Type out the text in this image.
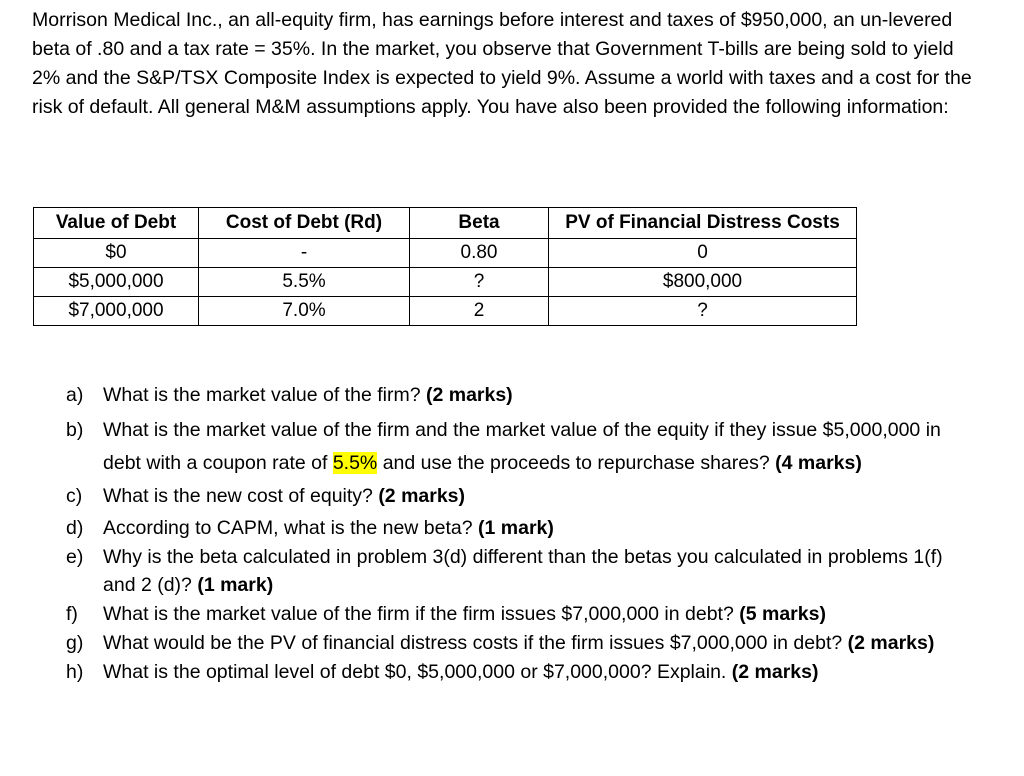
Morrison Medical Inc., an all-equity firm, has earnings before interest and taxes of $950,000, an un-levered beta of .80 and a tax rate = 35%. In the market, you observe that Government T-bills are being sold to yield 2% and the S&P/TSX Composite Index is expected to yield 9%. Assume a world with taxes and a cost for the risk of default. All general M&M assumptions apply. You have also been provided the following information:

Value of Debt	Cost of Debt (Rd)	Beta	PV of Financial Distress Costs
$0	-	0.80	0
$5,000,000	5.5%	?	$800,000
$7,000,000	7.0%	2	?
a) What is the market value of the firm? (2 marks)
b) What is the market value of the firm and the market value of the equity if they issue $5,000,000 in debt with a coupon rate of 5.5% and use the proceeds to repurchase shares? (4 marks)
c) What is the new cost of equity? (2 marks)
d) According to CAPM, what is the new beta? (1 mark)
e) Why is the beta calculated in problem 3(d) different than the betas you calculated in problems 1(f) and 2 (d)? (1 mark)
f) What is the market value of the firm if the firm issues $7,000,000 in debt? (5 marks)
g) What would be the PV of financial distress costs if the firm issues $7,000,000 in debt? (2 marks)
h) What is the optimal level of debt $0, $5,000,000 or $7,000,000? Explain. (2 marks)
